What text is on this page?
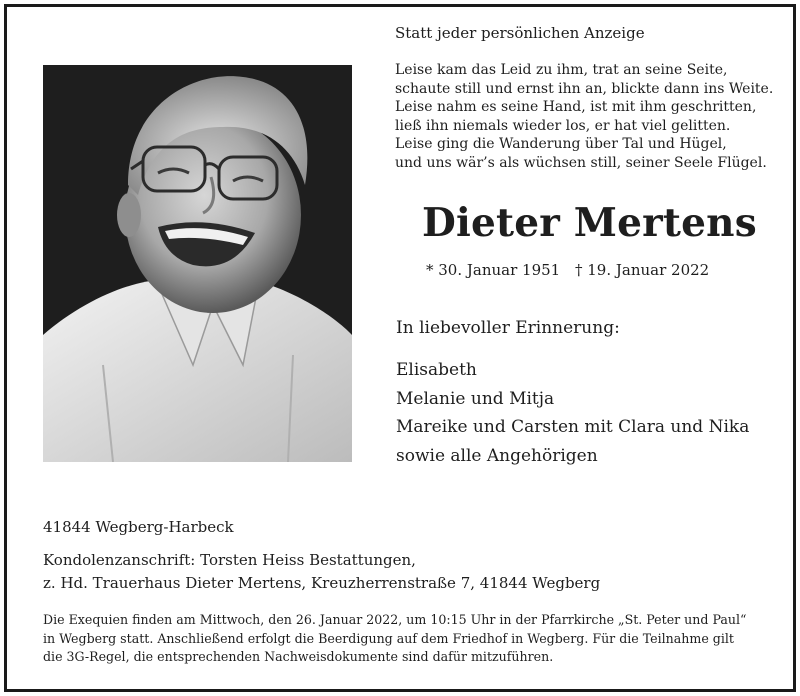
Statt jeder persönlichen Anzeige
Leise kam das Leid zu ihm, trat an seine Seite,
schaute still und ernst ihn an, blickte dann ins Weite.
Leise nahm es seine Hand, ist mit ihm geschritten,
ließ ihn niemals wieder los, er hat viel gelitten.
Leise ging die Wanderung über Tal und Hügel,
und uns wär’s als wüchsen still, seiner Seele Flügel.
Dieter Mertens
* 30. Januar 1951 † 19. Januar 2022
In liebevoller Erinnerung:
Elisabeth
Melanie und Mitja
Mareike und Carsten mit Clara und Nika
sowie alle Angehörigen
41844 Wegberg-Harbeck
Kondolenzanschrift: Torsten Heiss Bestattungen,
z. Hd. Trauerhaus Dieter Mertens, Kreuzherrenstraße 7, 41844 Wegberg
Die Exequien finden am Mittwoch, den 26. Januar 2022, um 10:15 Uhr in der Pfarrkirche „St. Peter und Paul“
in Wegberg statt. Anschließend erfolgt die Beerdigung auf dem Friedhof in Wegberg. Für die Teilnahme gilt
die 3G-Regel, die entsprechenden Nachweisdokumente sind dafür mitzuführen.
